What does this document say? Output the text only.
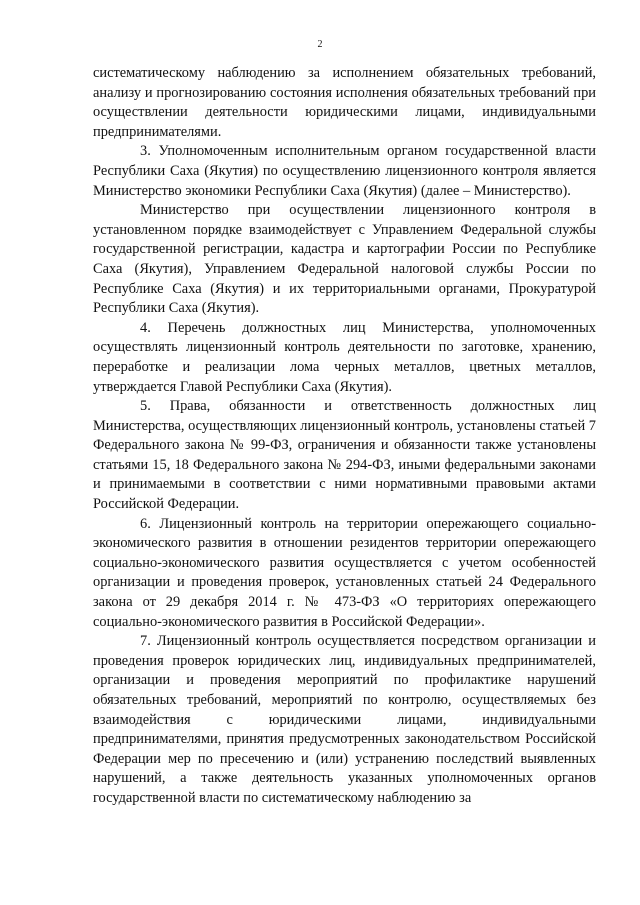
2

систематическому наблюдению за исполнением обязательных требований, анализу и прогнозированию состояния исполнения обязательных требований при осуществлении деятельности юридическими лицами, индивидуальными предпринимателями.

3. Уполномоченным исполнительным органом государственной власти Республики Саха (Якутия) по осуществлению лицензионного контроля является Министерство экономики Республики Саха (Якутия) (далее – Министерство).

Министерство при осуществлении лицензионного контроля в установленном порядке взаимодействует с Управлением Федеральной службы государственной регистрации, кадастра и картографии России по Республике Саха (Якутия), Управлением Федеральной налоговой службы России по Республике Саха (Якутия) и их территориальными органами, Прокуратурой Республики Саха (Якутия).

4. Перечень должностных лиц Министерства, уполномоченных осуществлять лицензионный контроль деятельности по заготовке, хранению, переработке и реализации лома черных металлов, цветных металлов, утверждается Главой Республики Саха (Якутия).

5. Права, обязанности и ответственность должностных лиц Министерства, осуществляющих лицензионный контроль, установлены статьей 7 Федерального закона № 99-ФЗ, ограничения и обязанности также установлены статьями 15, 18 Федерального закона № 294-ФЗ, иными федеральными законами и принимаемыми в соответствии с ними нормативными правовыми актами Российской Федерации.

6. Лицензионный контроль на территории опережающего социально-экономического развития в отношении резидентов территории опережающего социально-экономического развития осуществляется с учетом особенностей организации и проведения проверок, установленных статьей 24 Федерального закона от 29 декабря 2014 г. № 473-ФЗ «О территориях опережающего социально-экономического развития в Российской Федерации».

7. Лицензионный контроль осуществляется посредством организации и проведения проверок юридических лиц, индивидуальных предпринимателей, организации и проведения мероприятий по профилактике нарушений обязательных требований, мероприятий по контролю, осуществляемых без взаимодействия с юридическими лицами, индивидуальными предпринимателями, принятия предусмотренных законодательством Российской Федерации мер по пресечению и (или) устранению последствий выявленных нарушений, а также деятельность указанных уполномоченных органов государственной власти по систематическому наблюдению за
